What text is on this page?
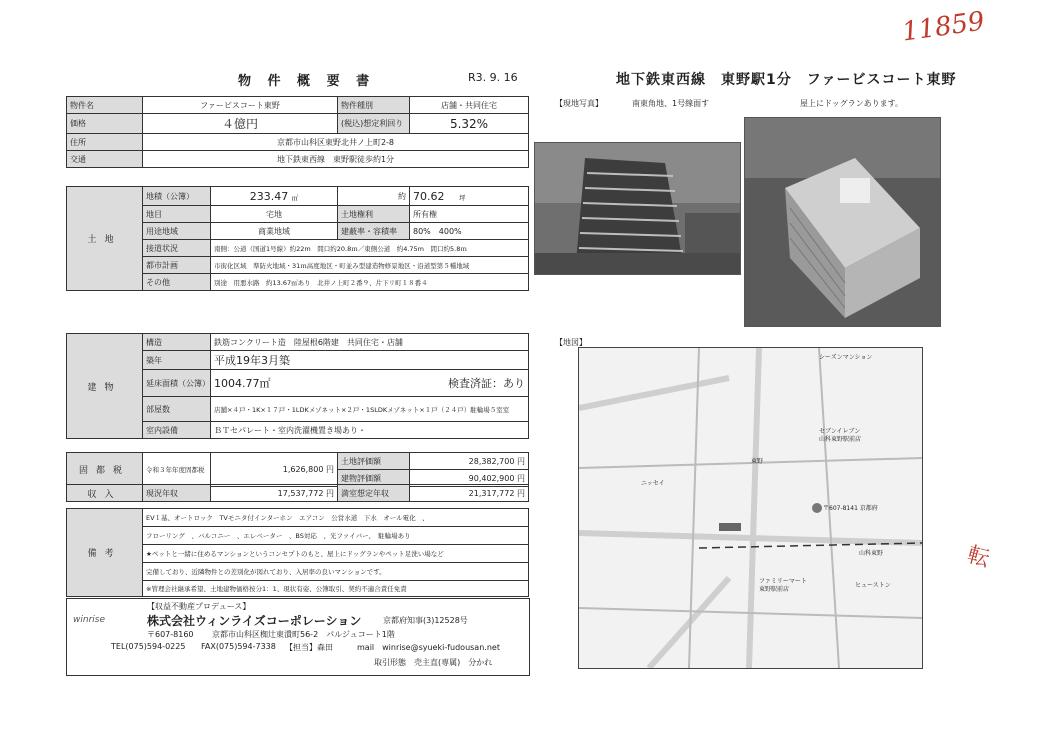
11859
転
物 件 概 要 書	R3. 9. 16	地下鉄東西線　東野駅1分　ファービスコート東野
物件名	ファービスコート東野	物件種別	店舗・共同住宅
価格	４億円	(税込)想定利回り	5.32%
住所	京都市山科区東野北井ノ上町2-8		
交通	地下鉄東西線　東野駅徒歩約1分		
土地	地積（公簿）	233.47 ㎡	約	70.62　 坪
	地目	宅地	土地権利	所有権
	用途地域	商業地域	建蔽率・容積率	80%　400%
	接道状況	南側：公道（国道1号線）約22m　間口約20.8ｍ／東側公道　約4.75m　間口約5.8ｍ		
	都市計画	市街化区域　準防火地域・31ｍ高度地区・町並み型建造物修景地区・沿道型第５種地域		
	その他	別途　用悪水路　約13.67㎡あり　北井ノ上町２番９、片下リ町１８番４		
建物	構造	鉄筋コンクリート造　陸屋根6階建　共同住宅・店舗
	築年	平成19年3月築
	延床面積（公簿）	1004.77㎡ 検査済証：あり

	部屋数	店舗×４戸・1K×１７戸・1LDKメゾネット×２戸・1SLDKメゾネット×１戸（２４戸）駐輪場５室室
	室内設備	ＢＴセパレート・室内洗濯機置き場あり・
固都税	令和３年年度固都税	1,626,800 円	土地評価額	28,382,700 円
			建物評価額	90,402,900 円
収入	現況年収	17,537,772 円	満室想定年収	21,317,772 円
備考	EV１基、オートロック　TVモニタ付インターホン　エアコン　公営水道　下水　オール電化　、
フローリング　、バルコニー　、エレベーター　、BS対応　、光ファイバー、　駐輪場あり
★ペットと一緒に住めるマンションというコンセプトのもと、屋上にドッグランやペット足洗い場など
完備しており、近隣物件との差別化が図れており、入居率の良いマンションです。
※管理会社継承希望、土地建物価格按分1：1、現状有姿、公簿取引、契約不適合責任免責
winrise
【収益不動産プロデュース】
株式会社ウィンライズコーポレーション	京都府知事(3)12528号
〒607-8160 京都市山科区椥辻東潰町56-2　パルジュコート1階
TEL(075)594-0225 FAX(075)594-7338 【担当】森田	mail　winrise@syueki-fudousan.net
取引形態　売主直(専属)　分かれ
【現地写真】	南東角地、1号線面す	屋上にドッグランあります。
【地図】
シーズンマンション
セブンイレブン
山科東野駅前店
東野
〒607-8141 京都府
ファミリーマート
東野駅前店
ニッセイ
ヒューストン
山科東野
